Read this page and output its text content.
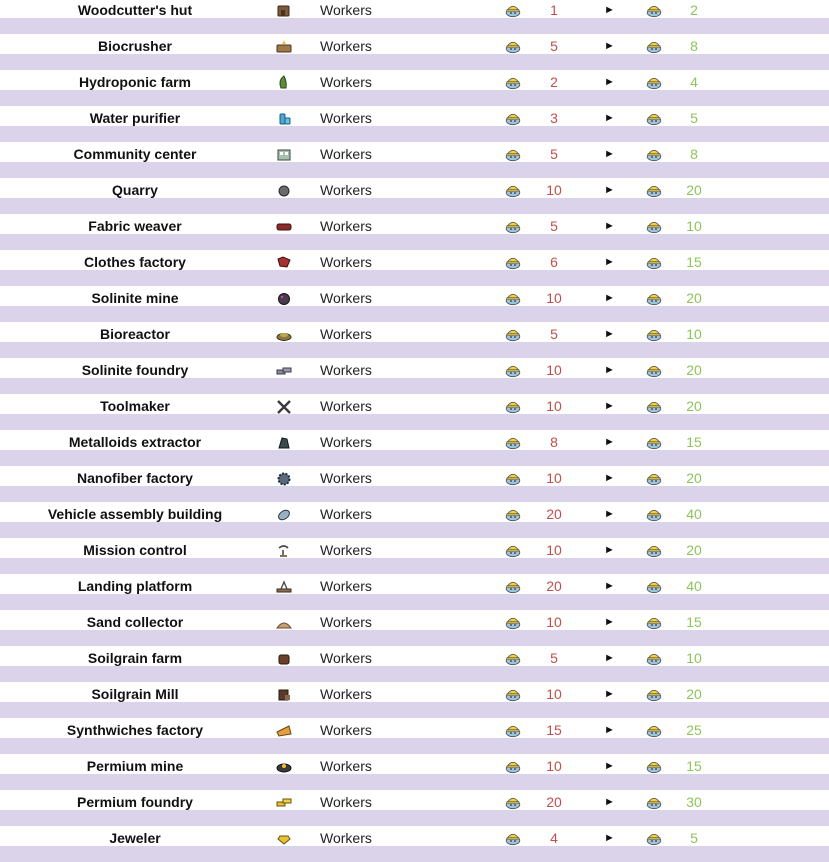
Woodcutter's hut	Workers	1	►	2
Biocrusher	Workers	5	►	8
Hydroponic farm	Workers	2	►	4
Water purifier	Workers	3	►	5
Community center	Workers	5	►	8
Quarry	Workers	10	►	20
Fabric weaver	Workers	5	►	10
Clothes factory	Workers	6	►	15
Solinite mine	Workers	10	►	20
Bioreactor	Workers	5	►	10
Solinite foundry	Workers	10	►	20
Toolmaker	Workers	10	►	20
Metalloids extractor	Workers	8	►	15
Nanofiber factory	Workers	10	►	20
Vehicle assembly building	Workers	20	►	40
Mission control	Workers	10	►	20
Landing platform	Workers	20	►	40
Sand collector	Workers	10	►	15
Soilgrain farm	Workers	5	►	10
Soilgrain Mill	Workers	10	►	20
Synthwiches factory	Workers	15	►	25
Permium mine	Workers	10	►	15
Permium foundry	Workers	20	►	30
Jeweler	Workers	4	►	5
